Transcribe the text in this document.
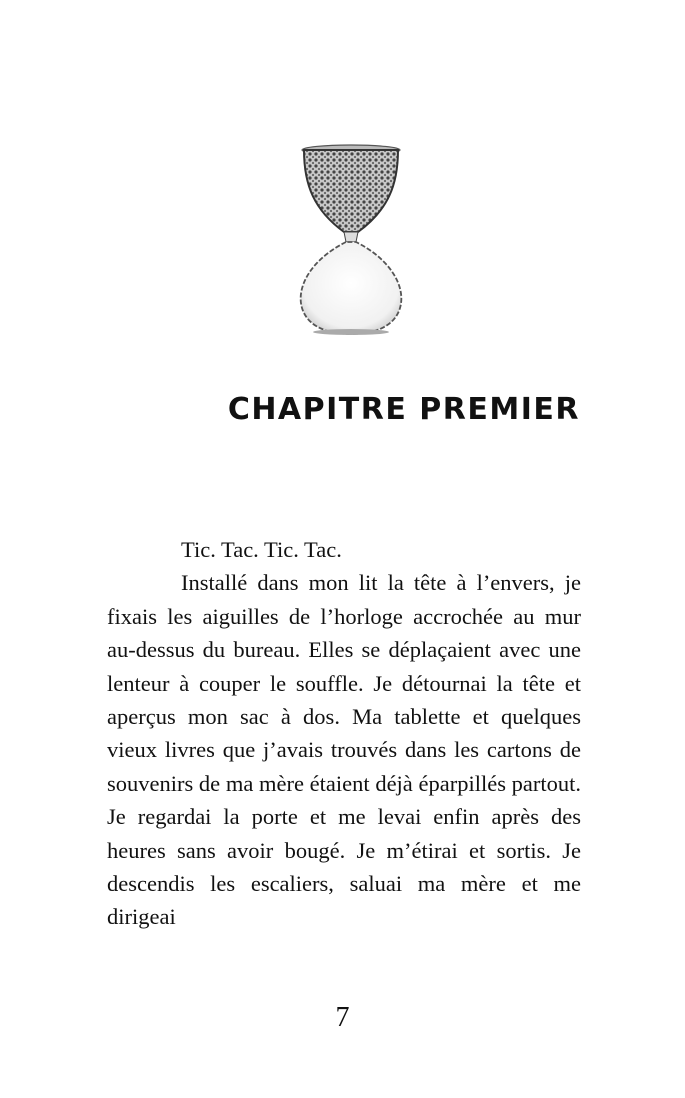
CHAPITRE PREMIER

Tic. Tac. Tic. Tac.

Installé dans mon lit la tête à l’envers, je fixais les aiguilles de l’horloge accrochée au mur au-dessus du bureau. Elles se déplaçaient avec une lenteur à couper le souffle. Je détournai la tête et aperçus mon sac à dos. Ma tablette et quelques vieux livres que j’avais trouvés dans les cartons de souvenirs de ma mère étaient déjà éparpillés partout. Je regardai la porte et me levai enfin après des heures sans avoir bougé. Je m’étirai et sortis. Je descendis les escaliers, saluai ma mère et me dirigeai

7
